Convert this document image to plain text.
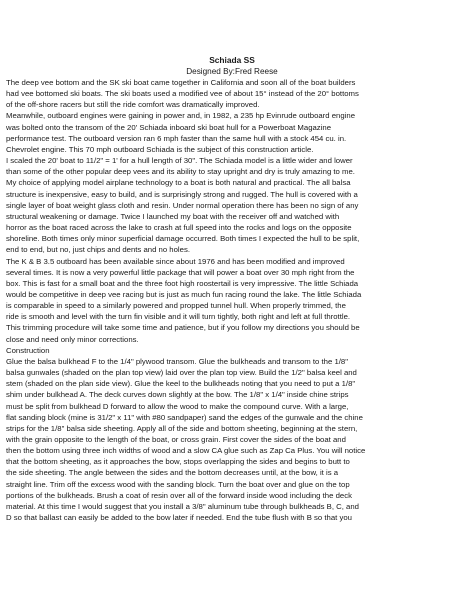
Schiada SS

Designed By:Fred Reese

The deep vee bottom and the SK ski boat came together in California and soon all of the boat builders
had vee bottomed ski boats. The ski boats used a modified vee of about 15° instead of the 20° bottoms
of the off-shore racers but still the ride comfort was dramatically improved.
Meanwhile, outboard engines were gaining in power and, in 1982, a 235 hp Evinrude outboard engine
was bolted onto the transom of the 20' Schiada inboard ski boat hull for a Powerboat Magazine
performance test. The outboard version ran 6 mph faster than the same hull with a stock 454 cu. in.
Chevrolet engine. This 70 mph outboard Schiada is the subject of this construction article.
I scaled the 20' boat to 11/2" = 1' for a hull length of 30". The Schiada model is a little wider and lower
than some of the other popular deep vees and its ability to stay upright and dry is truly amazing to me.
My choice of applying model airplane technology to a boat is both natural and practical. The all balsa
structure is inexpensive, easy to build, and is surprisingly strong and rugged. The hull is covered with a
single layer of boat weight glass cloth and resin. Under normal operation there has been no sign of any
structural weakening or damage. Twice I launched my boat with the receiver off and watched with
horror as the boat raced across the lake to crash at full speed into the rocks and logs on the opposite
shoreline. Both times only minor superficial damage occurred. Both times I expected the hull to be split,
end to end, but no, just chips and dents and no holes.
The K & B 3.5 outboard has been available since about 1976 and has been modified and improved
several times. It is now a very powerful little package that will power a boat over 30 mph right from the
box. This is fast for a small boat and the three foot high roostertail is very impressive. The little Schiada
would be competitive in deep vee racing but is just as much fun racing round the lake. The little Schiada
is comparable in speed to a similarly powered and propped tunnel hull. When properly trimmed, the
ride is smooth and level with the turn fin visible and it will turn tightly, both right and left at full throttle.
This trimming procedure will take some time and patience, but if you follow my directions you should be
close and need only minor corrections.
Construction
Glue the balsa bulkhead F to the 1/4" plywood transom. Glue the bulkheads and transom to the 1/8"
balsa gunwales (shaded on the plan top view) laid over the plan top view. Build the 1/2" balsa keel and
stem (shaded on the plan side view). Glue the keel to the bulkheads noting that you need to put a 1/8"
shim under bulkhead A. The deck curves down slightly at the bow. The 1/8" x 1/4" inside chine strips
must be split from bulkhead D forward to allow the wood to make the compound curve. With a large,
flat sanding block (mine is 31/2" x 11" with #80 sandpaper) sand the edges of the gunwale and the chine
strips for the 1/8" balsa side sheeting. Apply all of the side and bottom sheeting, beginning at the stern,
with the grain opposite to the length of the boat, or cross grain. First cover the sides of the boat and
then the bottom using three inch widths of wood and a slow CA glue such as Zap Ca Plus. You will notice
that the bottom sheeting, as it approaches the bow, stops overlapping the sides and begins to butt to
the side sheeting. The angle between the sides and the bottom decreases until, at the bow, it is a
straight line. Trim off the excess wood with the sanding block. Turn the boat over and glue on the top
portions of the bulkheads. Brush a coat of resin over all of the forward inside wood including the deck
material. At this time I would suggest that you install a 3/8" aluminum tube through bulkheads B, C, and
D so that ballast can easily be added to the bow later if needed. End the tube flush with B so that you
